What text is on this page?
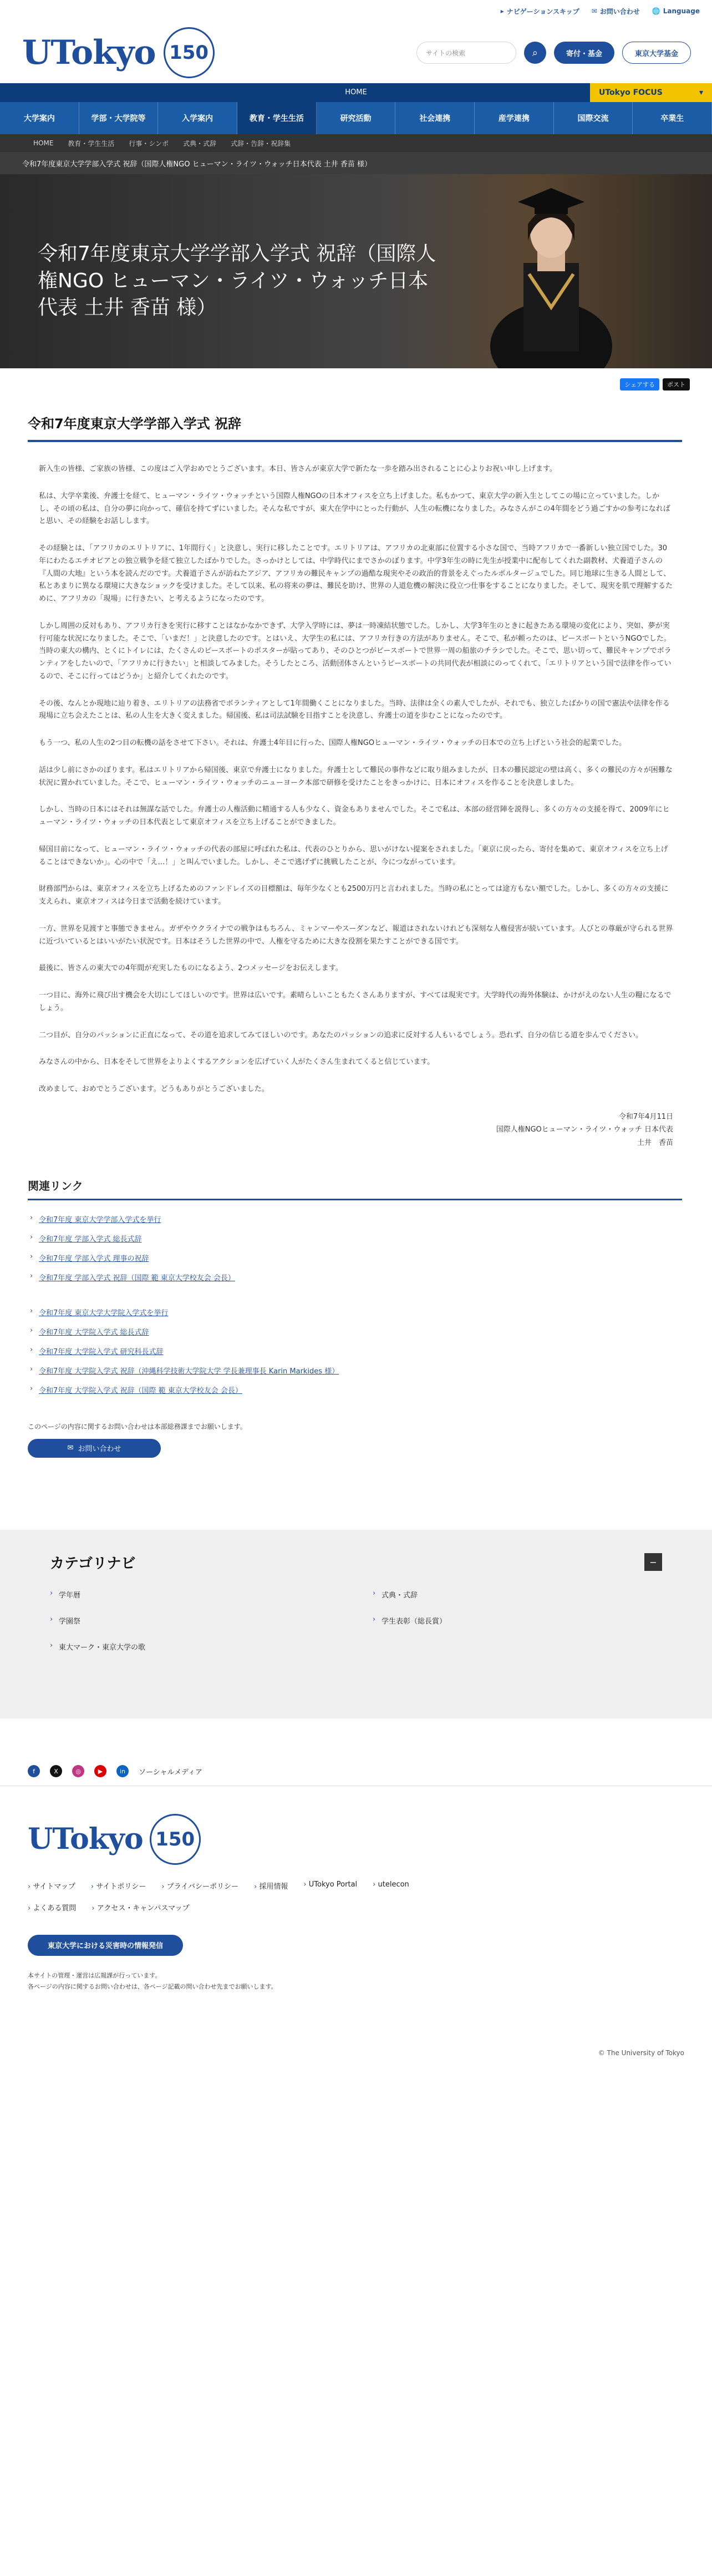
▸ ナビゲーションスキップ ✉ お問い合わせ 🌐 Language
UTokyo 150	サイトの検索	⌕	寄付・基金	東京大学基金
HOME	UTokyo FOCUS	▾
大学案内	学部・大学院等	入学案内	教育・学生生活	研究活動	社会連携	産学連携	国際交流	卒業生
HOME 教育・学生生活 行事・シンポ 式典・式辞 式辞・告辞・祝辞集
令和7年度東京大学学部入学式 祝辞（国際人権NGO ヒューマン・ライツ・ウォッチ日本代表 土井 香苗 様）
令和7年度東京大学学部入学式 祝辞（国際人権NGO ヒューマン・ライツ・ウォッチ日本代表 土井 香苗 様）
シェアする	ポスト
令和7年度東京大学学部入学式 祝辞

新入生の皆様、ご家族の皆様、この度はご入学おめでとうございます。本日、皆さんが東京大学で新たな一歩を踏み出されることに心よりお祝い申し上げます。

私は、大学卒業後、弁護士を経て、ヒューマン・ライツ・ウォッチという国際人権NGOの日本オフィスを立ち上げました。私もかつて、東京大学の新入生としてこの場に立っていました。しかし、その頃の私は、自分の夢に向かって、確信を持てずにいました。そんな私ですが、東大在学中にとった行動が、人生の転機になりました。みなさんがこの4年間をどう過ごすかの参考になればと思い、その経験をお話しします。

その経験とは、「アフリカのエリトリアに、1年間行く」と決意し、実行に移したことです。エリトリアは、アフリカの北東部に位置する小さな国で、当時アフリカで一番新しい独立国でした。30年にわたるエチオピアとの独立戦争を経て独立したばかりでした。さっかけとしては、中学時代にまでさかのぼります。中学3年生の時に先生が授業中に配布してくれた副教材、犬養道子さんの『人間の大地』という本を読んだのです。犬養道子さんが訪ねたアジア、アフリカの難民キャンプの過酷な現実やその政治的背景をえぐったルポルタージュでした。同じ地球に生きる人間として、私とあまりに異なる環境に大きなショックを受けました。そして以来、私の将来の夢は、難民を助け、世界の人道危機の解決に役立つ仕事をすることになりました。そして、現実を肌で理解するために、アフリカの「現場」に行きたい、と考えるようになったのです。

しかし周囲の反対もあり、アフリカ行きを実行に移すことはなかなかできず、大学入学時には、夢は一時凍結状態でした。しかし、大学3年生のときに起きたある環境の変化により、突如、夢が実行可能な状況になりました。そこで、「いまだ！」と決意したのです。とはいえ、大学生の私には、アフリカ行きの方法がありません。そこで、私が頼ったのは、ピースボートというNGOでした。当時の東大の構内、とくにトイレには、たくさんのピースボートのポスターが貼ってあり、そのひとつがピースボートで世界一周の船旅のチラシでした。そこで、思い切って、難民キャンプでボランティアをしたいので、「アフリカに行きたい」と相談してみました。そうしたところ、活動団体さんというピースボートの共同代表が相談にのってくれて、「エリトリアという国で法律を作っているので、そこに行ってはどうか」と紹介してくれたのです。

その後、なんとか現地に辿り着き、エリトリアの法務省でボランティアとして1年間働くことになりました。当時、法律は全くの素人でしたが、それでも、独立したばかりの国で憲法や法律を作る現場に立ち会えたことは、私の人生を大きく変えました。帰国後、私は司法試験を目指すことを決意し、弁護士の道を歩むことになったのです。

もう一つ、私の人生の2つ目の転機の話をさせて下さい。それは、弁護士4年目に行った、国際人権NGOヒューマン・ライツ・ウォッチの日本での立ち上げという社会的起業でした。

話は少し前にさかのぼります。私はエリトリアから帰国後、東京で弁護士になりました。弁護士として難民の事件などに取り組みましたが、日本の難民認定の壁は高く、多くの難民の方々が困難な状況に置かれていました。そこで、ヒューマン・ライツ・ウォッチのニューヨーク本部で研修を受けたことをきっかけに、日本にオフィスを作ることを決意しました。

しかし、当時の日本にはそれは無謀な話でした。弁護士の人権活動に精通する人も少なく、資金もありませんでした。そこで私は、本部の経営陣を説得し、多くの方々の支援を得て、2009年にヒューマン・ライツ・ウォッチの日本代表として東京オフィスを立ち上げることができました。

帰国目前になって、ヒューマン・ライツ・ウォッチの代表の部屋に呼ばれた私は、代表のひとりから、思いがけない提案をされました。「東京に戻ったら、寄付を集めて、東京オフィスを立ち上げることはできないか」。心の中で「え…！」と叫んでいました。しかし、そこで逃げずに挑戦したことが、今につながっています。

財務部門からは、東京オフィスを立ち上げるためのファンドレイズの目標額は、毎年少なくとも2500万円と言われました。当時の私にとっては途方もない額でした。しかし、多くの方々の支援に支えられ、東京オフィスは今日まで活動を続けています。

一方、世界を見渡すと事態できません。ガザやウクライナでの戦争はもちろん、ミャンマーやスーダンなど、報道はされないけれども深刻な人権侵害が続いています。人びとの尊厳が守られる世界に近づいているとはいいがたい状況です。日本はそうした世界の中で、人権を守るために大きな役割を果たすことができる国です。

最後に、皆さんの東大での4年間が充実したものになるよう、2つメッセージをお伝えします。

一つ目に、海外に飛び出す機会を大切にしてほしいのです。世界は広いです。素晴らしいこともたくさんありますが、すべては現実です。大学時代の海外体験は、かけがえのない人生の糧になるでしょう。

二つ目が、自分のパッションに正直になって、その道を追求してみてほしいのです。あなたのパッションの追求に反対する人もいるでしょう。恐れず、自分の信じる道を歩んでください。

みなさんの中から、日本をそして世界をよりよくするアクションを広げていく人がたくさん生まれてくると信じています。

改めまして、おめでとうございます。どうもありがとうございました。

令和7年4月11日
国際人権NGOヒューマン・ライツ・ウォッチ 日本代表
土井　香苗
関連リンク
› 令和7年度 東京大学学部入学式を挙行
› 令和7年度 学部入学式 総長式辞
› 令和7年度 学部入学式 理事の祝辞
› 令和7年度 学部入学式 祝辞（国際 範 東京大学校友会 会長）
› 令和7年度 東京大学大学院入学式を挙行
› 令和7年度 大学院入学式 総長式辞
› 令和7年度 大学院入学式 研究科長式辞
› 令和7年度 大学院入学式 祝辞（沖縄科学技術大学院大学 学長兼理事長 Karin Markides 様）
› 令和7年度 大学院入学式 祝辞（国際 範 東京大学校友会 会長）
このページの内容に関するお問い合わせは本部総務課までお願いします。
✉ お問い合わせ
カテゴリナビ	−
› 学年暦	› 式典・式辞
› 学園祭	› 学生表彰（総長賞）
› 東大マーク・東京大学の歌
f	X	◎	▶	in	ソーシャルメディア
UTokyo 150
› サイトマップ	› サイトポリシー	› プライバシーポリシー	› 採用情報	› UTokyo Portal	› utelecon
› よくある質問	› アクセス・キャンパスマップ
東京大学における災害時の情報発信
本サイトの管理・運営は広報課が行っています。
各ページの内容に関するお問い合わせは、各ページ記載の問い合わせ先までお願いします。
© The University of Tokyo
